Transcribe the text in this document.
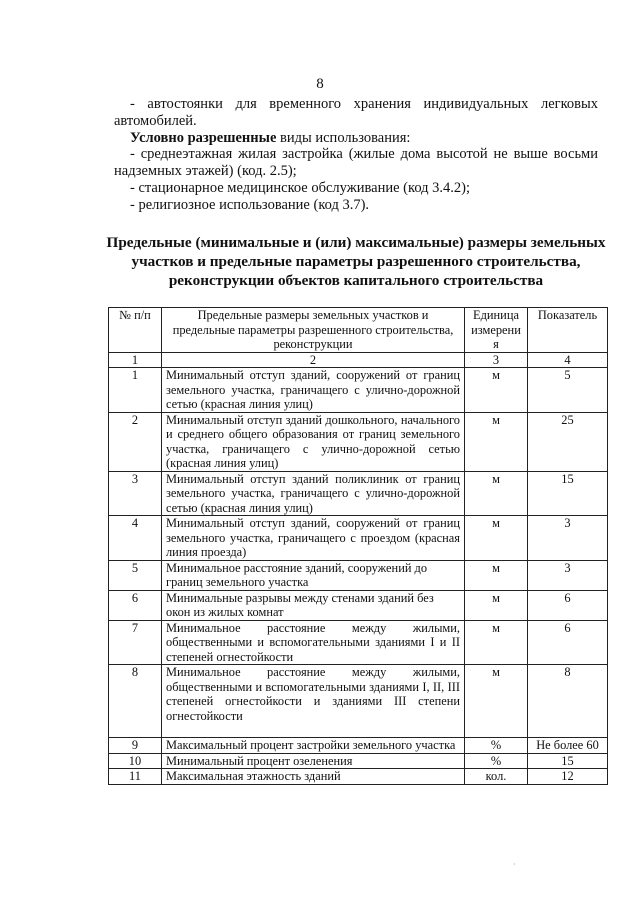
8

- автостоянки для временного хранения индивидуальных легковых автомобилей.

Условно разрешенные виды использования:

- среднеэтажная жилая застройка (жилые дома высотой не выше восьми надземных этажей) (код. 2.5);

- стационарное медицинское обслуживание (код 3.4.2);

- религиозное использование (код 3.7).

Предельные (минимальные и (или) максимальные) размеры земельных
участков и предельные параметры разрешенного строительства,
реконструкции объектов капитального строительства
№ п/п	Предельные размеры земельных участков и предельные параметры разрешенного строительства, реконструкции	Единица измерени я	Показатель
1	2	3	4
1	Минимальный отступ зданий, сооружений от границ земельного участка, граничащего с улично-дорожной сетью (красная линия улиц)	м	5
2	Минимальный отступ зданий дошкольного, начального и среднего общего образования от границ земельного участка, граничащего с улично-дорожной сетью (красная линия улиц)	м	25
3	Минимальный отступ зданий поликлиник от границ земельного участка, граничащего с улично-дорожной сетью (красная линия улиц)	м	15
4	Минимальный отступ зданий, сооружений от границ земельного участка, граничащего с проездом (красная линия проезда)	м	3
5	Минимальное расстояние зданий, сооружений до границ земельного участка	м	3
6	Минимальные разрывы между стенами зданий без окон из жилых комнат	м	6
7	Минимальное расстояние между жилыми, общественными и вспомогательными зданиями I и II степеней огнестойкости	м	6
8	Минимальное расстояние между жилыми, общественными и вспомогательными зданиями I, II, III степеней огнестойкости и зданиями III степени огнестойкости	м	8
9	Максимальный процент застройки земельного участка	%	Не более 60
10	Минимальный процент озеленения	%	15
11	Максимальная этажность зданий	кол.	12
·
